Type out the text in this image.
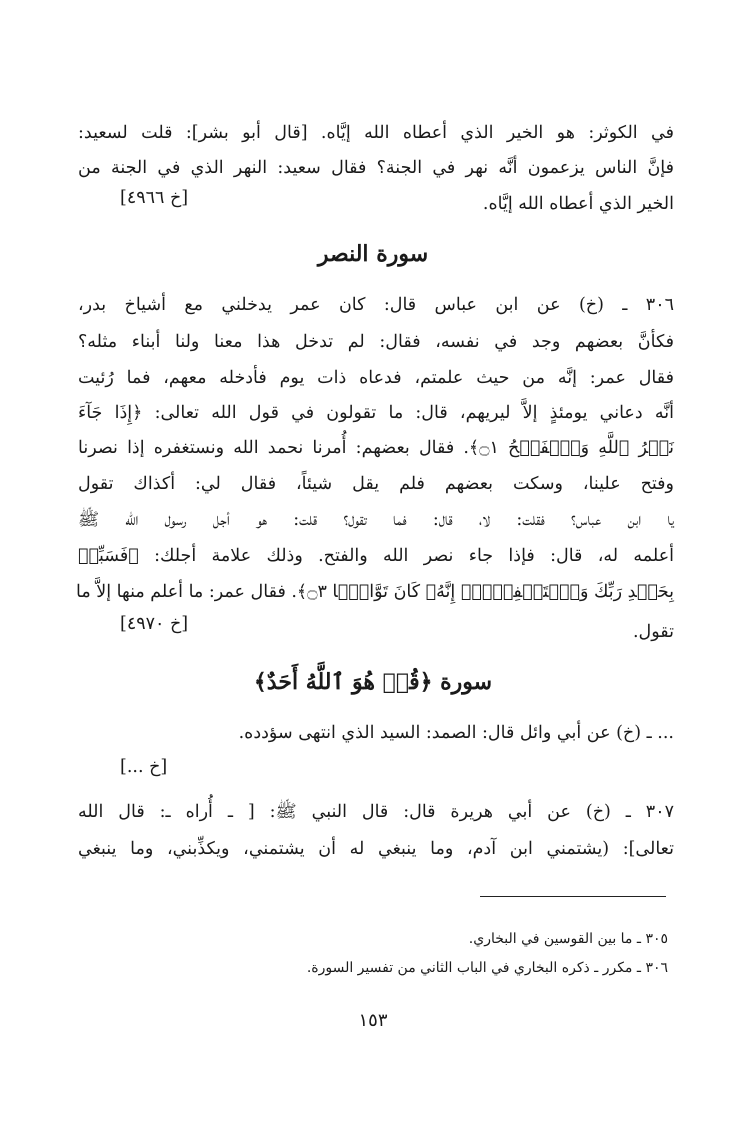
في الكوثر: هو الخير الذي أعطاه الله إيَّاه. [قال أبو بشر]: قلت لسعيد:
فإنَّ الناس يزعمون أنَّه نهر في الجنة؟ فقال سعيد: النهر الذي في الجنة من
الخير الذي أعطاه الله إيَّاه.
[خ ٤٩٦٦]
سورة النصر
٣٠٦ ـ (خ) عن ابن عباس قال: كان عمر يدخلني مع أشياخ بدر،
فكأنَّ بعضهم وجد في نفسه، فقال: لم تدخل هذا معنا ولنا أبناء مثله؟
فقال عمر: إنَّه من حيث علمتم، فدعاه ذات يوم فأدخله معهم، فما رُئيت
أنَّه دعاني يومئذٍ إلاَّ ليريهم، قال: ما تقولون في قول الله تعالى: ﴿إِذَا جَآءَ
نَصۡرُ ٱللَّهِ وَٱلۡفَتۡحُ ۝١﴾. فقال بعضهم: أُمرنا نحمد الله ونستغفره إذا نصرنا
وفتح علينا، وسكت بعضهم فلم يقل شيئاً، فقال لي: أكذاك تقول
يا ابن عباس؟ فقلت: لا، قال: فما تقول؟ قلت: هو أجل رسول الله ﷺ
أعلمه له، قال: فإذا جاء نصر الله والفتح. وذلك علامة أجلك: ﴿فَسَبِّحۡ
بِحَمۡدِ رَبِّكَ وَٱسۡتَغۡفِرۡهُۚ إِنَّهُۥ كَانَ تَوَّابَۢا ۝٣﴾. فقال عمر: ما أعلم منها إلاَّ ما
تقول.
[خ ٤٩٧٠]
سورة ﴿قُلۡ هُوَ ٱللَّهُ أَحَدٌ﴾
... ـ (خ) عن أبي وائل قال: الصمد: السيد الذي انتهى سؤدده.
[خ ...]
٣٠٧ ـ (خ) عن أبي هريرة قال: قال النبي ﷺ: [ ـ أُراه ـ: قال الله
تعالى]: (يشتمني ابن آدم، وما ينبغي له أن يشتمني، ويكذِّبني، وما ينبغي
٣٠٥ ـ ما بين القوسين في البخاري.
٣٠٦ ـ مكرر ـ ذكره البخاري في الباب الثاني من تفسير السورة.
١٥٣
